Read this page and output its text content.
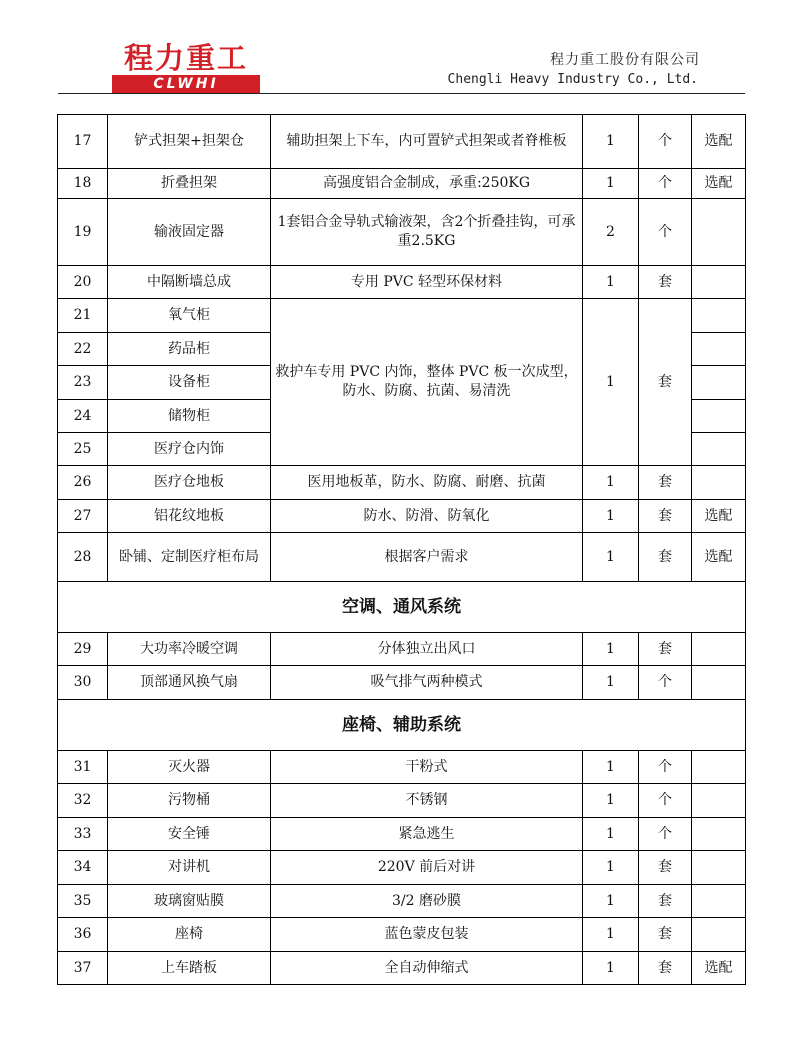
程力重工
CLWHI
程力重工股份有限公司
Chengli Heavy Industry Co., Ltd.
17	铲式担架+担架仓	辅助担架上下车，内可置铲式担架或者脊椎板	1	个	选配
18	折叠担架	高强度铝合金制成，承重:250KG	1	个	选配
19	输液固定器	1套铝合金导轨式输液架，含2个折叠挂钩，可承重2.5KG	2	个	
20	中隔断墙总成	专用 PVC 轻型环保材料	1	套	
21	氧气柜	救护车专用 PVC 内饰，整体 PVC 板一次成型，防水、防腐、抗菌、易清洗	1	套	
22	药品柜				
23	设备柜				
24	储物柜				
25	医疗仓内饰				
26	医疗仓地板	医用地板革，防水、防腐、耐磨、抗菌	1	套	
27	铝花纹地板	防水、防滑、防氧化	1	套	选配
28	卧铺、定制医疗柜布局	根据客户需求	1	套	选配
空调、通风系统					
29	大功率冷暖空调	分体独立出风口	1	套	
30	顶部通风换气扇	吸气排气两种模式	1	个	
座椅、辅助系统					
31	灭火器	干粉式	1	个	
32	污物桶	不锈钢	1	个	
33	安全锤	紧急逃生	1	个	
34	对讲机	220V 前后对讲	1	套	
35	玻璃窗贴膜	3/2 磨砂膜	1	套	
36	座椅	蓝色蒙皮包装	1	套	
37	上车踏板	全自动伸缩式	1	套	选配
